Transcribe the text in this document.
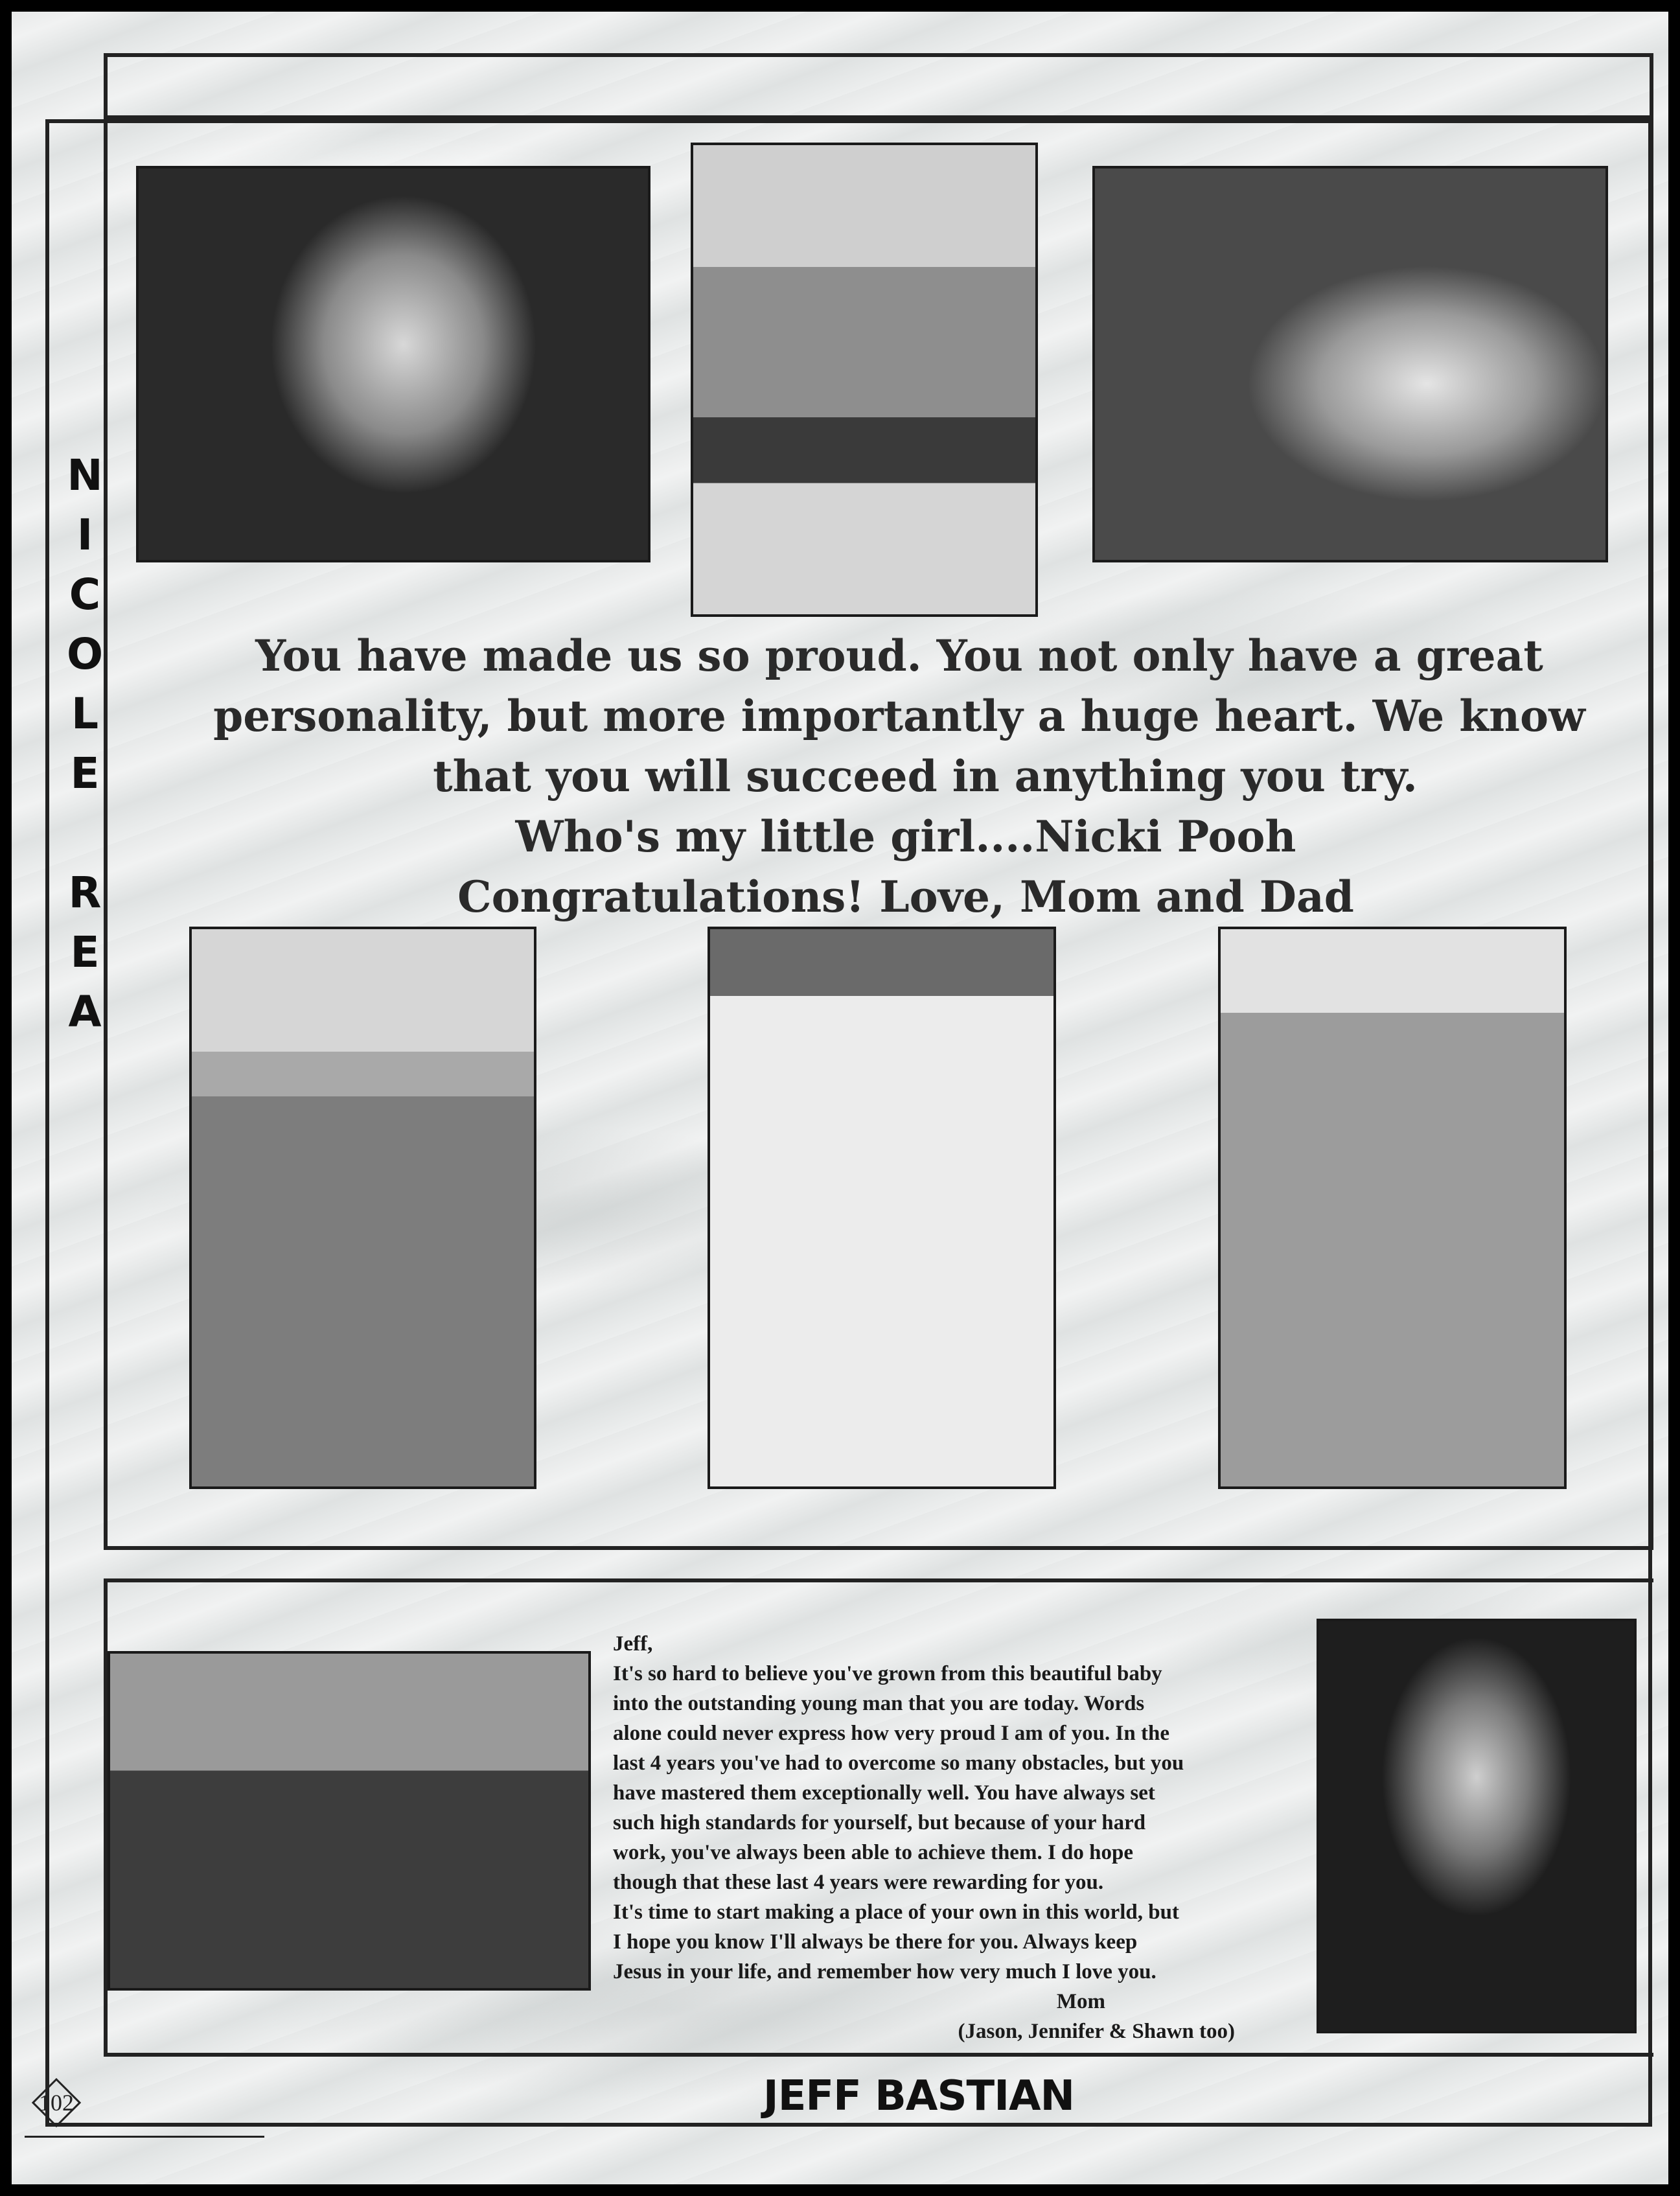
N
I
C
O
L
E
R
E
A
You have made us so proud. You not only have a great
personality, but more importantly a huge heart. We know
that you will succeed in anything you try.
Who's my little girl....Nicki Pooh
Congratulations! Love, Mom and Dad
Jeff,
It's so hard to believe you've grown from this beautiful baby
into the outstanding young man that you are today. Words
alone could never express how very proud I am of you. In the
last 4 years you've had to overcome so many obstacles, but you
have mastered them exceptionally well. You have always set
such high standards for yourself, but because of your hard
work, you've always been able to achieve them. I do hope
though that these last 4 years were rewarding for you.
It's time to start making a place of your own in this world, but
I hope you know I'll always be there for you. Always keep
Jesus in your life, and remember how very much I love you.
Mom
(Jason, Jennifer & Shawn too)
JEFF BASTIAN
102
